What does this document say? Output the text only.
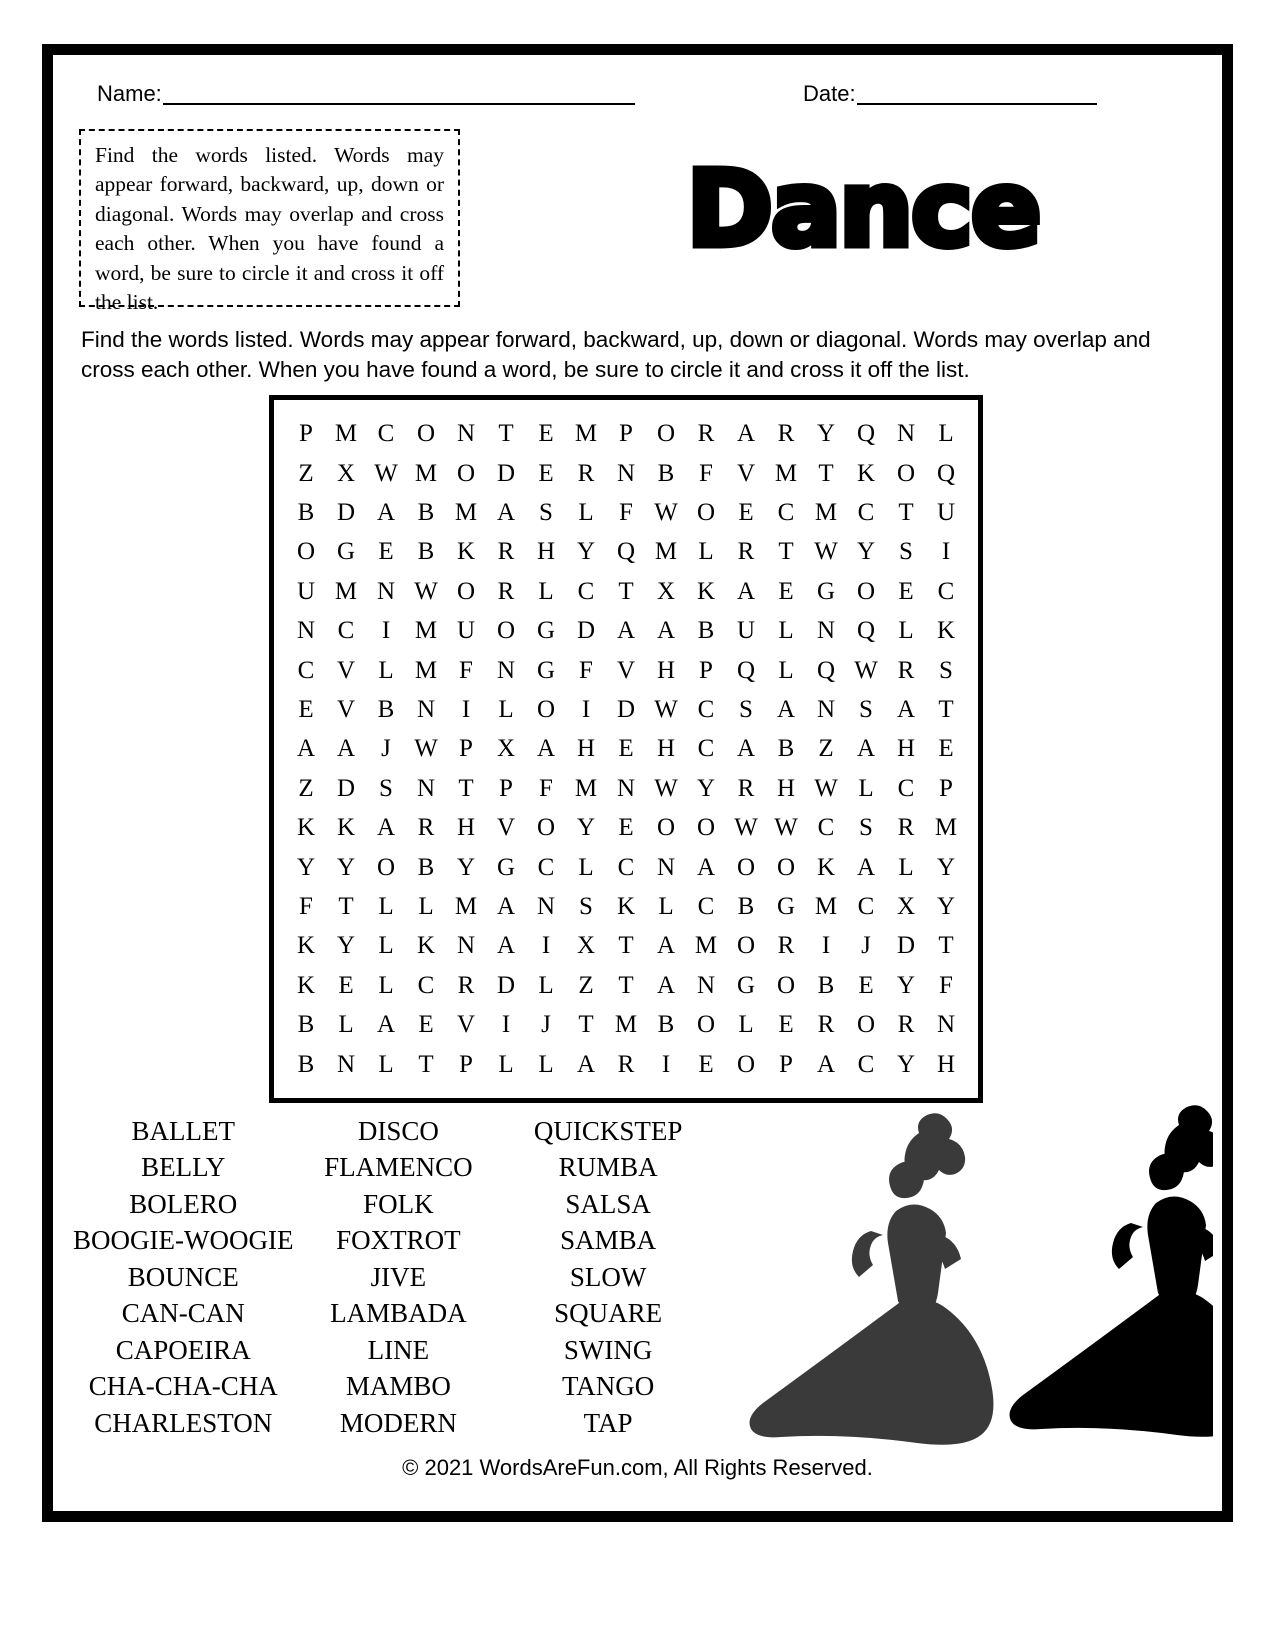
Name:	Date:

Find the words listed. Words may appear forward, backward, up, down or diagonal. Words may overlap and cross each other. When you have found a word, be sure to circle it and cross it off the list.

Dance
Find the words listed. Words may appear forward, backward, up, down or diagonal. Words may overlap and cross each other. When you have found a word, be sure to circle it and cross it off the list.
P	M	C	O	N	T	E	M	P	O	R	A	R	Y	Q	N	L
Z	X	W	M	O	D	E	R	N	B	F	V	M	T	K	O	Q
B	D	A	B	M	A	S	L	F	W	O	E	C	M	C	T	U
O	G	E	B	K	R	H	Y	Q	M	L	R	T	W	Y	S	I
U	M	N	W	O	R	L	C	T	X	K	A	E	G	O	E	C
N	C	I	M	U	O	G	D	A	A	B	U	L	N	Q	L	K
C	V	L	M	F	N	G	F	V	H	P	Q	L	Q	W	R	S
E	V	B	N	I	L	O	I	D	W	C	S	A	N	S	A	T
A	A	J	W	P	X	A	H	E	H	C	A	B	Z	A	H	E
Z	D	S	N	T	P	F	M	N	W	Y	R	H	W	L	C	P
K	K	A	R	H	V	O	Y	E	O	O	W	W	C	S	R	M
Y	Y	O	B	Y	G	C	L	C	N	A	O	O	K	A	L	Y
F	T	L	L	M	A	N	S	K	L	C	B	G	M	C	X	Y
K	Y	L	K	N	A	I	X	T	A	M	O	R	I	J	D	T
K	E	L	C	R	D	L	Z	T	A	N	G	O	B	E	Y	F
B	L	A	E	V	I	J	T	M	B	O	L	E	R	O	R	N
B	N	L	T	P	L	L	A	R	I	E	O	P	A	C	Y	H
BALLET
BELLY
BOLERO
BOOGIE-WOOGIE
BOUNCE
CAN-CAN
CAPOEIRA
CHA-CHA-CHA
CHARLESTON
DISCO
FLAMENCO
FOLK
FOXTROT
JIVE
LAMBADA
LINE
MAMBO
MODERN
QUICKSTEP
RUMBA
SALSA
SAMBA
SLOW
SQUARE
SWING
TANGO
TAP
© 2021 WordsAreFun.com, All Rights Reserved.
